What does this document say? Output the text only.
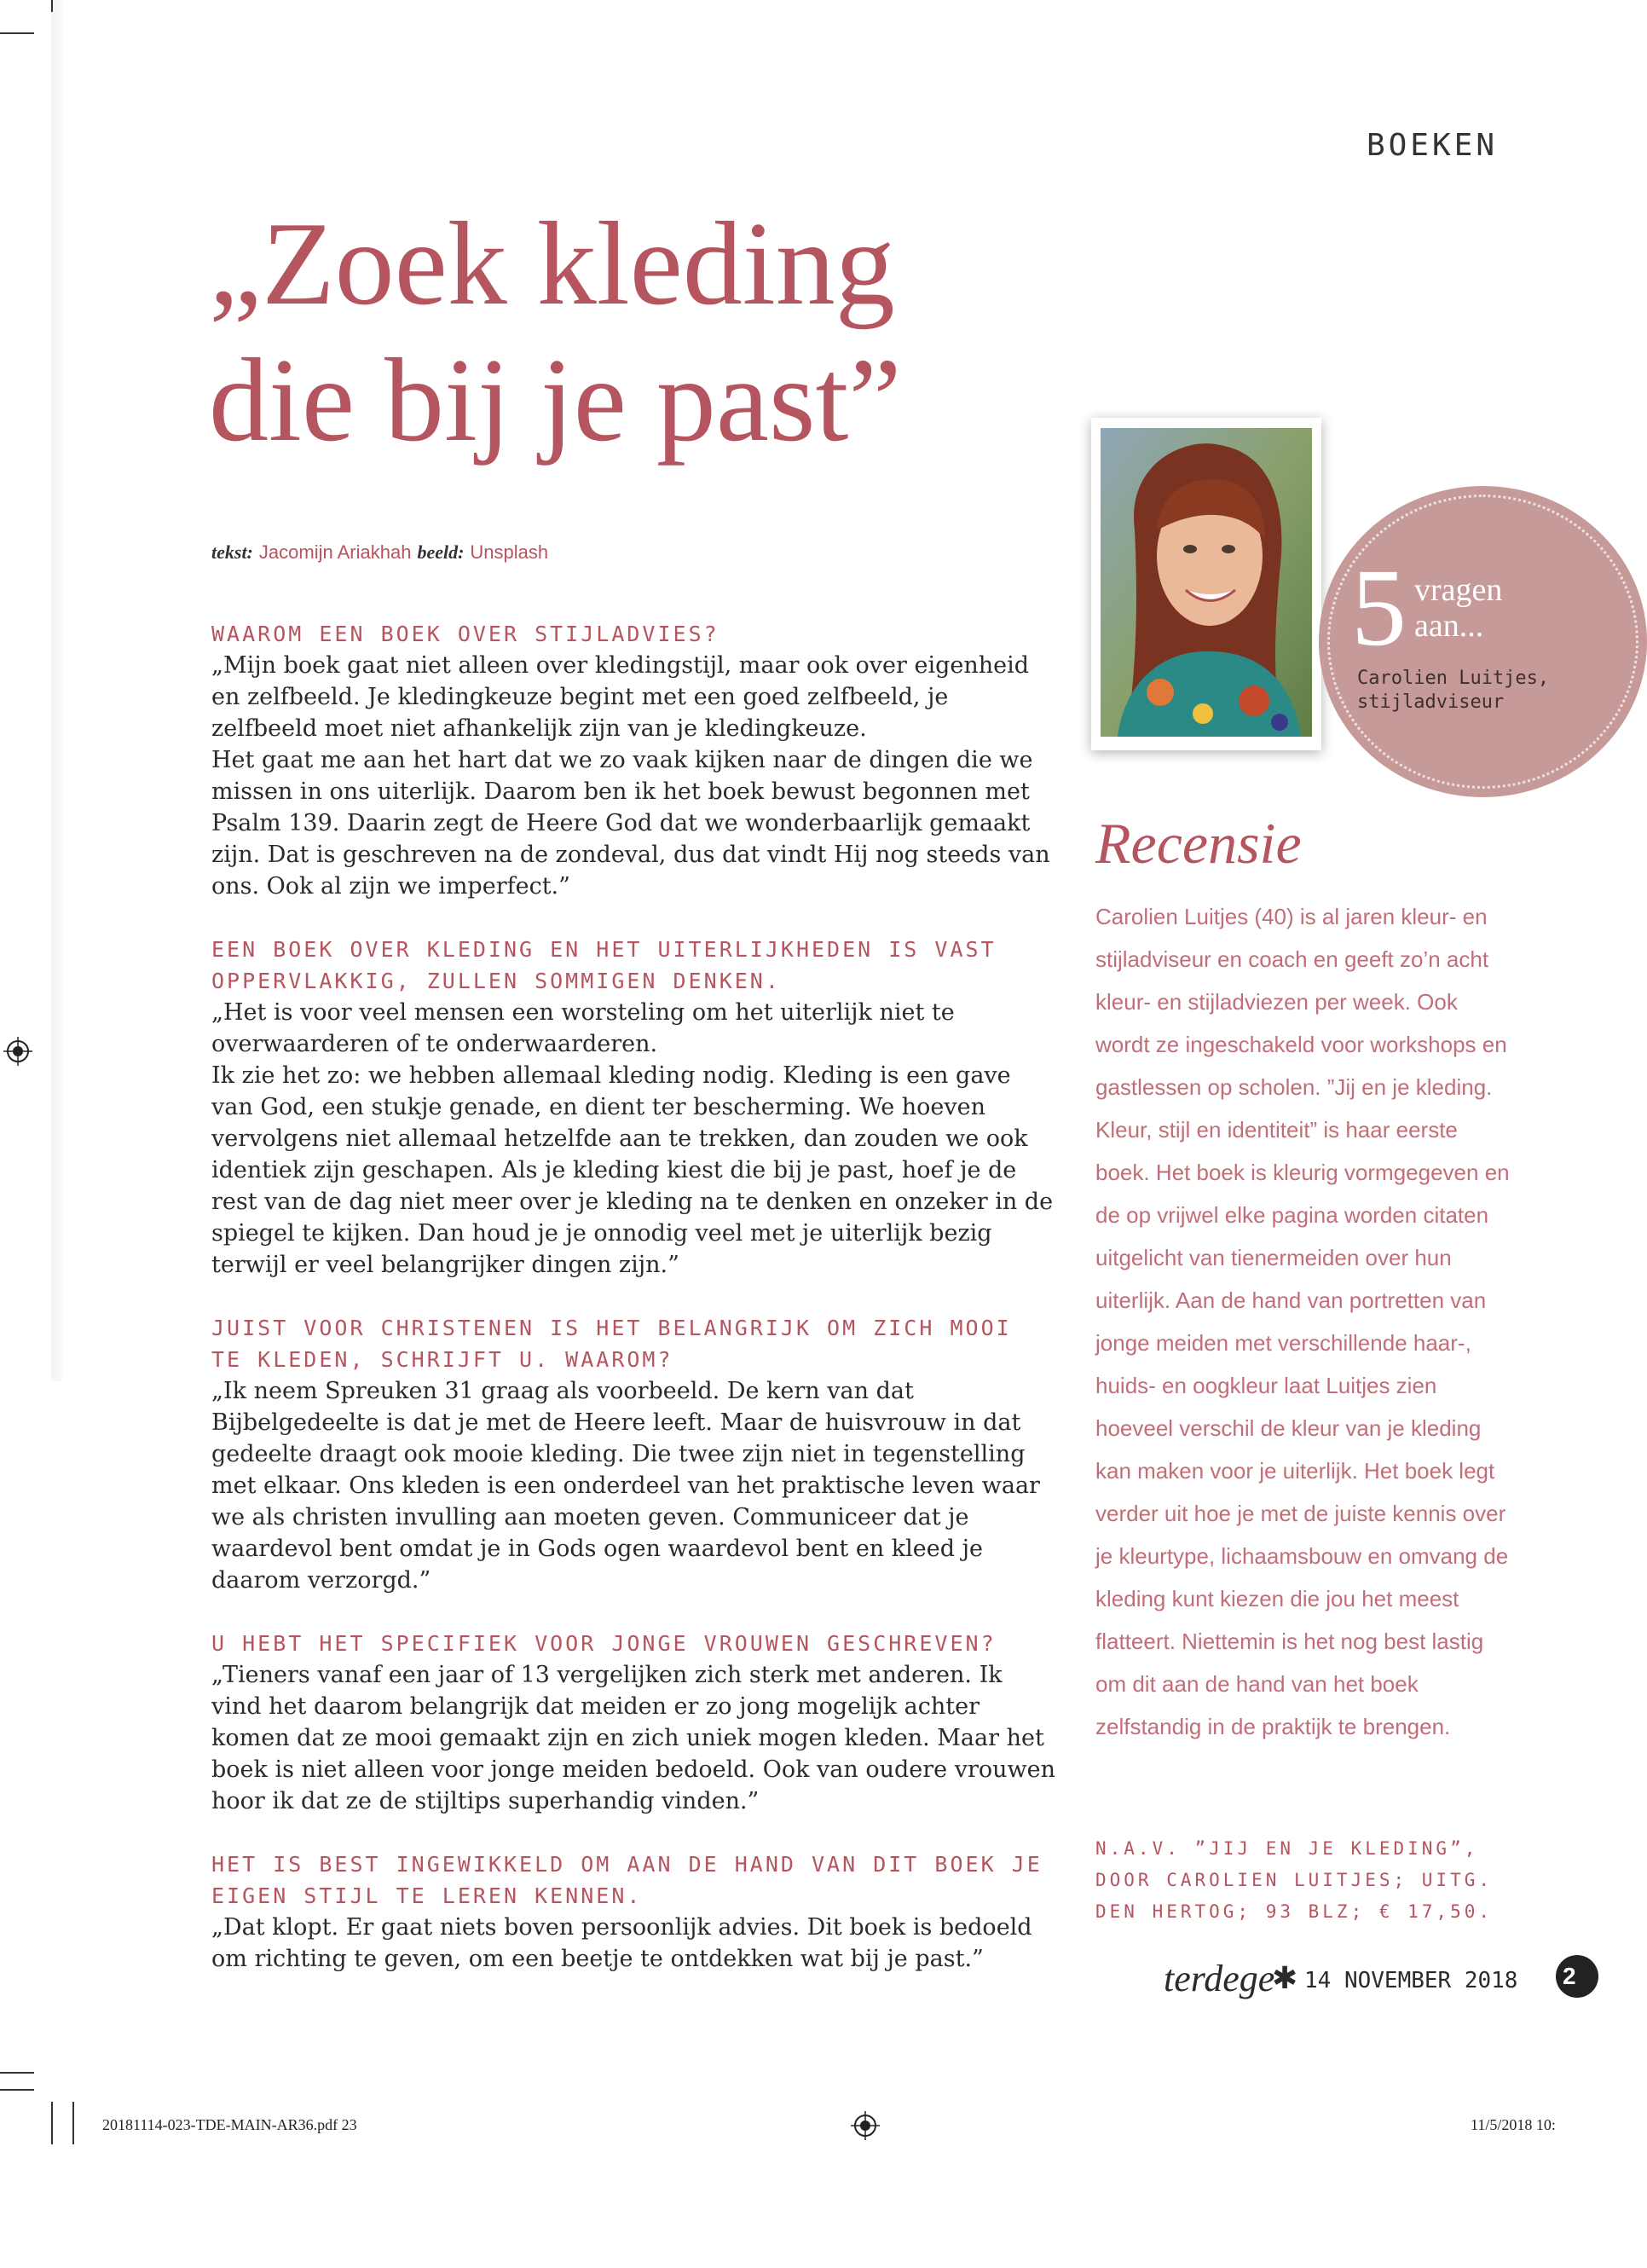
BOEKEN
„Zoek kleding
die bij je past”
tekst: Jacomijn Ariakhah beeld: Unsplash
WAAROM EEN BOEK OVER STIJLADVIES?

„Mijn boek gaat niet alleen over kledingstijl, maar ook over eigenheid en zelfbeeld. Je kledingkeuze begint met een goed zelfbeeld, je zelfbeeld moet niet afhankelijk zijn van je kledingkeuze.

Het gaat me aan het hart dat we zo vaak kijken naar de dingen die we missen in ons uiterlijk. Daarom ben ik het boek bewust begonnen met Psalm 139. Daarin zegt de Heere God dat we wonderbaarlijk gemaakt zijn. Dat is geschreven na de zondeval, dus dat vindt Hij nog steeds van ons. Ook al zijn we imperfect.”

EEN BOEK OVER KLEDING EN HET UITERLIJKHEDEN IS VAST OPPERVLAKKIG, ZULLEN SOMMIGEN DENKEN.

„Het is voor veel mensen een worsteling om het uiterlijk niet te overwaarderen of te onderwaarderen.

Ik zie het zo: we hebben allemaal kleding nodig. Kleding is een gave van God, een stukje genade, en dient ter bescherming. We hoeven vervolgens niet allemaal hetzelfde aan te trekken, dan zouden we ook identiek zijn geschapen. Als je kleding kiest die bij je past, hoef je de rest van de dag niet meer over je kleding na te denken en onzeker in de spiegel te kijken. Dan houd je je onnodig veel met je uiterlijk bezig terwijl er veel belangrijker dingen zijn.”

JUIST VOOR CHRISTENEN IS HET BELANGRIJK OM ZICH MOOI TE KLEDEN, SCHRIJFT U. WAAROM?

„Ik neem Spreuken 31 graag als voorbeeld. De kern van dat Bijbelgedeelte is dat je met de Heere leeft. Maar de huisvrouw in dat gedeelte draagt ook mooie kleding. Die twee zijn niet in tegenstelling met elkaar. Ons kleden is een onderdeel van het praktische leven waar we als christen invulling aan moeten geven. Communiceer dat je waardevol bent omdat je in Gods ogen waardevol bent en kleed je daarom verzorgd.”

U HEBT HET SPECIFIEK VOOR JONGE VROUWEN GESCHREVEN?

„Tieners vanaf een jaar of 13 vergelijken zich sterk met anderen. Ik vind het daarom belangrijk dat meiden er zo jong mogelijk achter komen dat ze mooi gemaakt zijn en zich uniek mogen kleden. Maar het boek is niet alleen voor jonge meiden bedoeld. Ook van oudere vrouwen hoor ik dat ze de stijltips superhandig vinden.”

HET IS BEST INGEWIKKELD OM AAN DE HAND VAN DIT BOEK JE EIGEN STIJL TE LEREN KENNEN.

„Dat klopt. Er gaat niets boven persoonlijk advies. Dit boek is bedoeld om richting te geven, om een beetje te ontdekken wat bij je past.”

5 vragen
aan...
Carolien Luitjes, stijladviseur
Recensie

Carolien Luitjes (40) is al jaren kleur- en stijladviseur en coach en geeft zo’n acht kleur- en stijladviezen per week. Ook wordt ze ingeschakeld voor workshops en gastlessen op scholen. ”Jij en je kleding. Kleur, stijl en identiteit” is haar eerste boek. Het boek is kleurig vormgegeven en de op vrijwel elke pagina worden citaten uitgelicht van tienermeiden over hun uiterlijk. Aan de hand van portretten van jonge meiden met verschillende haar-, huids- en oogkleur laat Luitjes zien hoeveel verschil de kleur van je kleding kan maken voor je uiterlijk. Het boek legt verder uit hoe je met de juiste kennis over je kleurtype, lichaamsbouw en omvang de kleding kunt kiezen die jou het meest flatteert. Niettemin is het nog best lastig om dit aan de hand van het boek zelfstandig in de praktijk te brengen.

N.A.V. ”JIJ EN JE KLEDING”, DOOR CAROLIEN LUITJES; UITG. DEN HERTOG; 93 BLZ; € 17,50.
terdege
✱ 14 NOVEMBER 2018 2
20181114-023-TDE-MAIN-AR36.pdf 23	11/5/2018 10:
